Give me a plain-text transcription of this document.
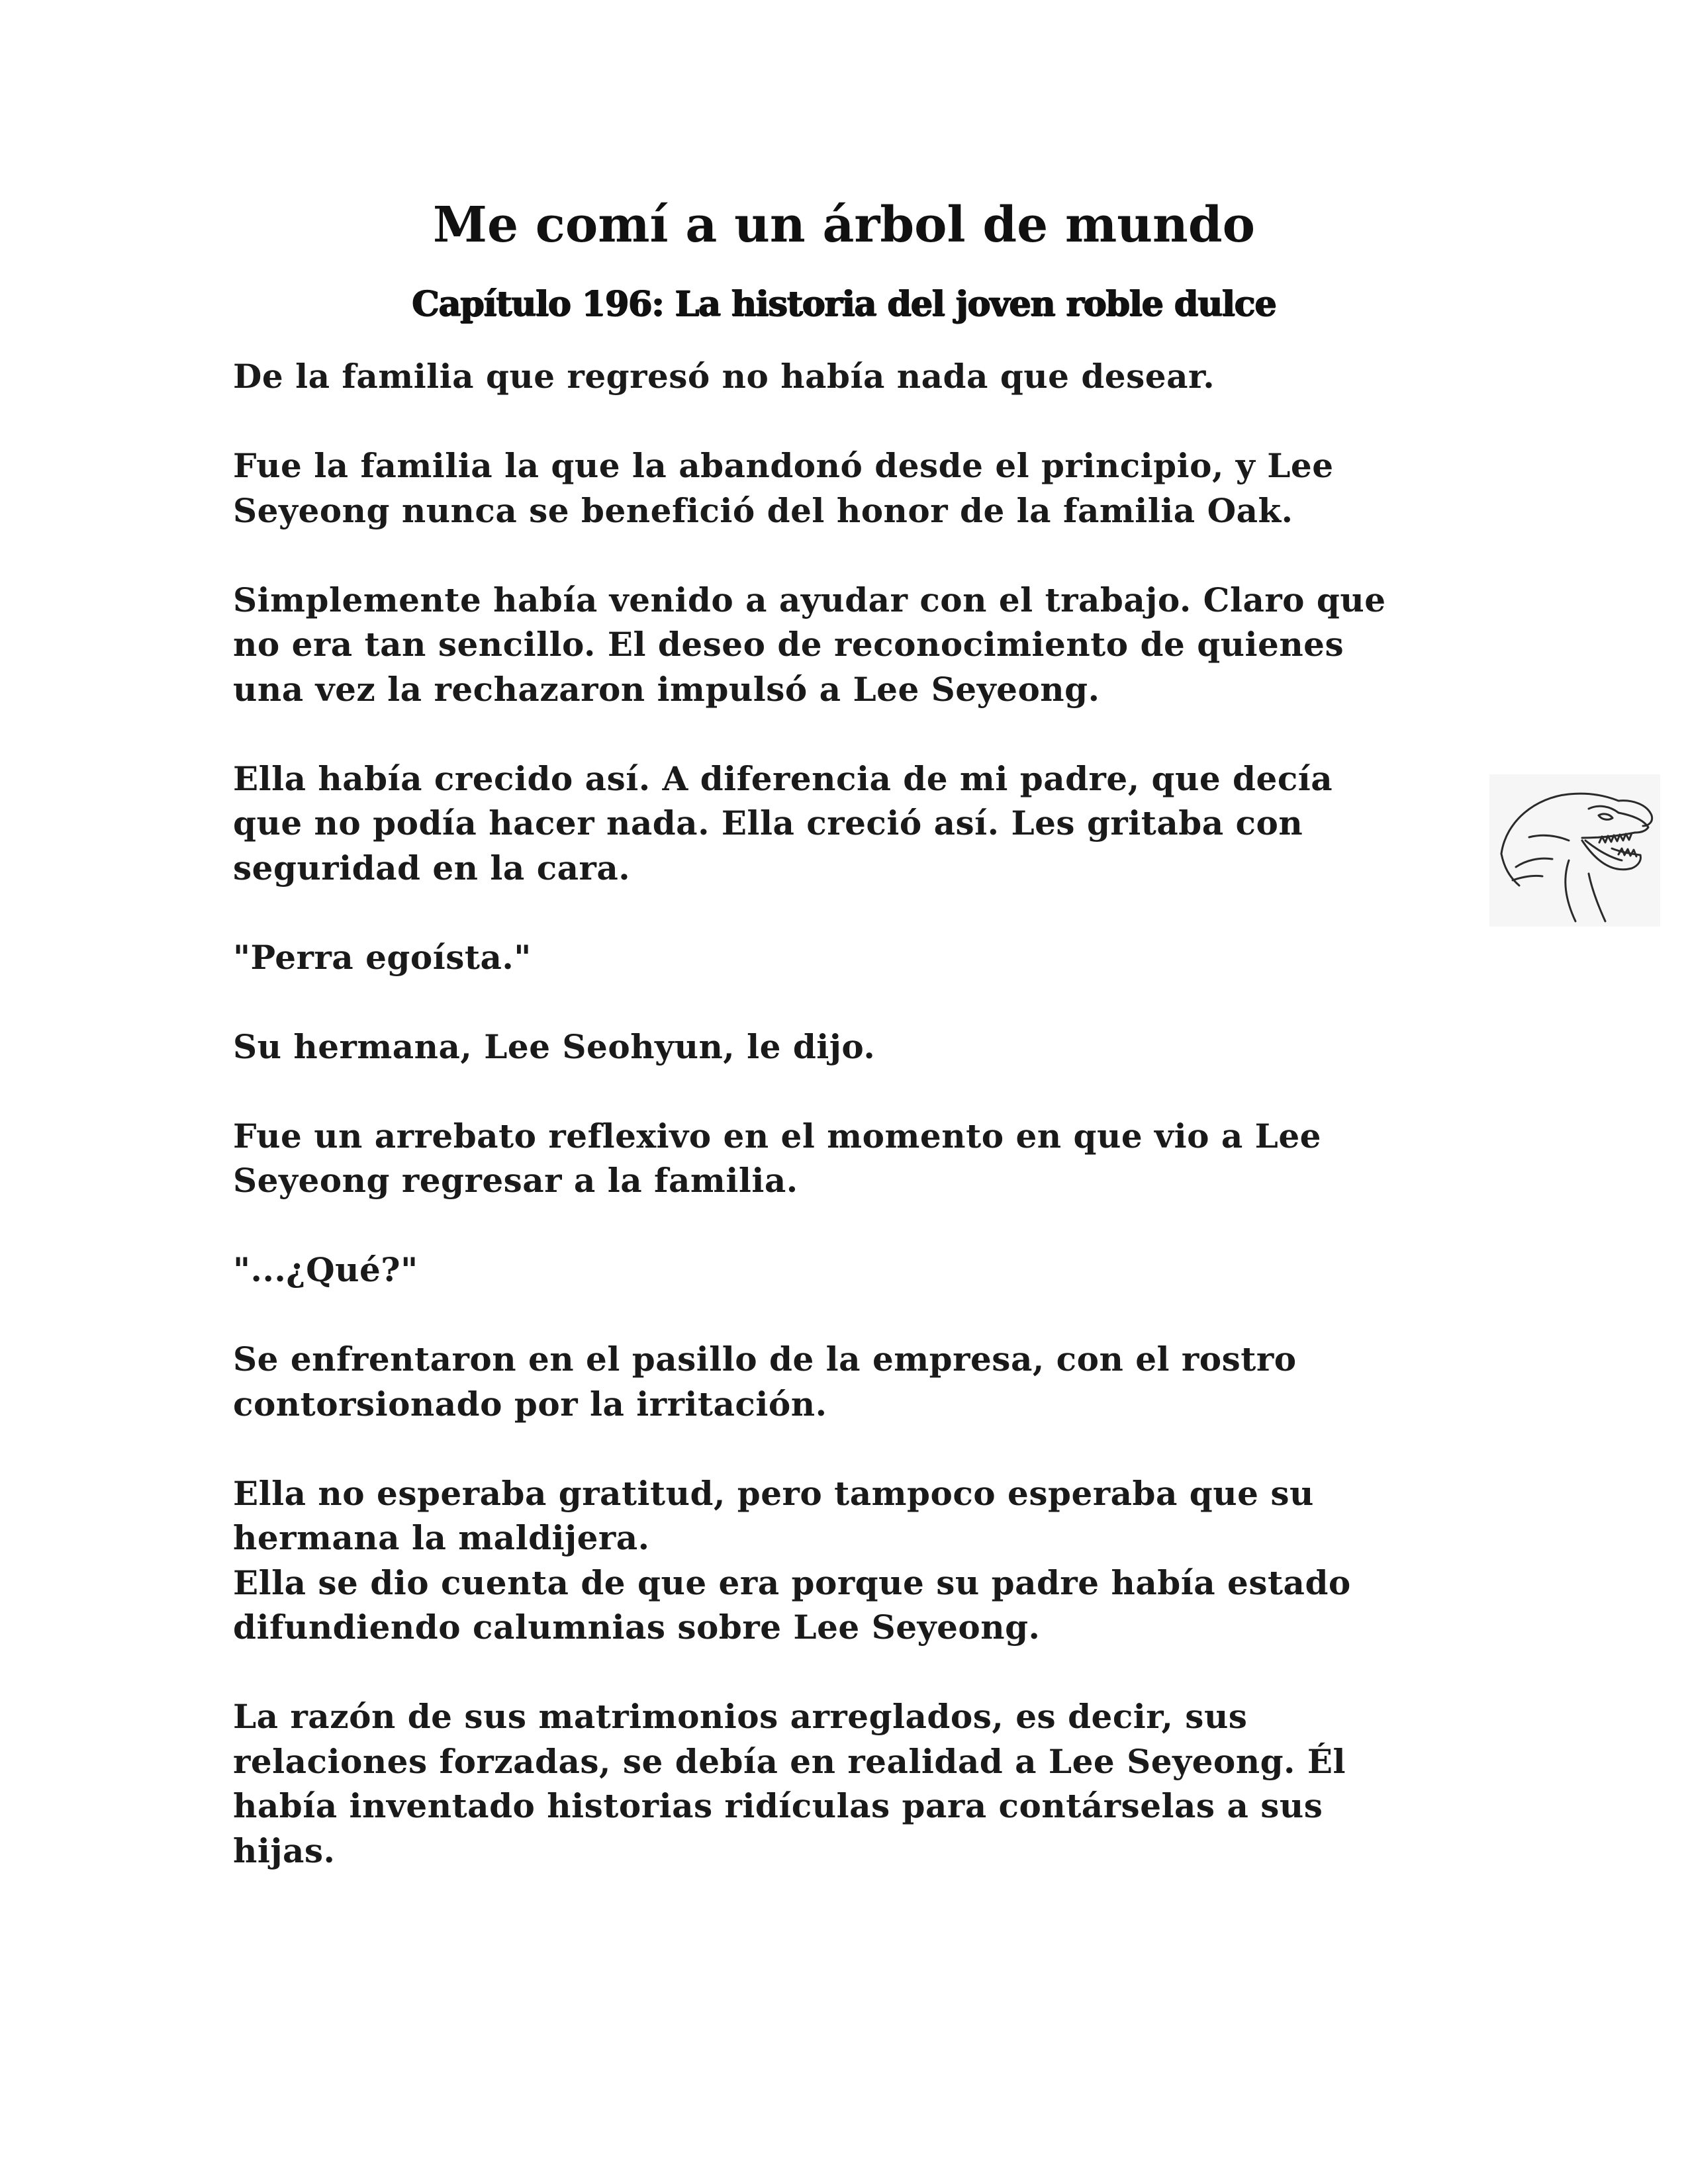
Me comí a un árbol de mundo
Capítulo 196: La historia del joven roble dulce
De la familia que regresó no había nada que desear.
Fue la familia la que la abandonó desde el principio, y Lee
Seyeong nunca se benefició del honor de la familia Oak.
Simplemente había venido a ayudar con el trabajo. Claro que
no era tan sencillo. El deseo de reconocimiento de quienes
una vez la rechazaron impulsó a Lee Seyeong.
Ella había crecido así. A diferencia de mi padre, que decía
que no podía hacer nada. Ella creció así. Les gritaba con
seguridad en la cara.
"Perra egoísta."
Su hermana, Lee Seohyun, le dijo.
Fue un arrebato reflexivo en el momento en que vio a Lee
Seyeong regresar a la familia.
"...¿Qué?"
Se enfrentaron en el pasillo de la empresa, con el rostro
contorsionado por la irritación.
Ella no esperaba gratitud, pero tampoco esperaba que su
hermana la maldijera.
Ella se dio cuenta de que era porque su padre había estado
difundiendo calumnias sobre Lee Seyeong.
La razón de sus matrimonios arreglados, es decir, sus
relaciones forzadas, se debía en realidad a Lee Seyeong. Él
había inventado historias ridículas para contárselas a sus
hijas.
